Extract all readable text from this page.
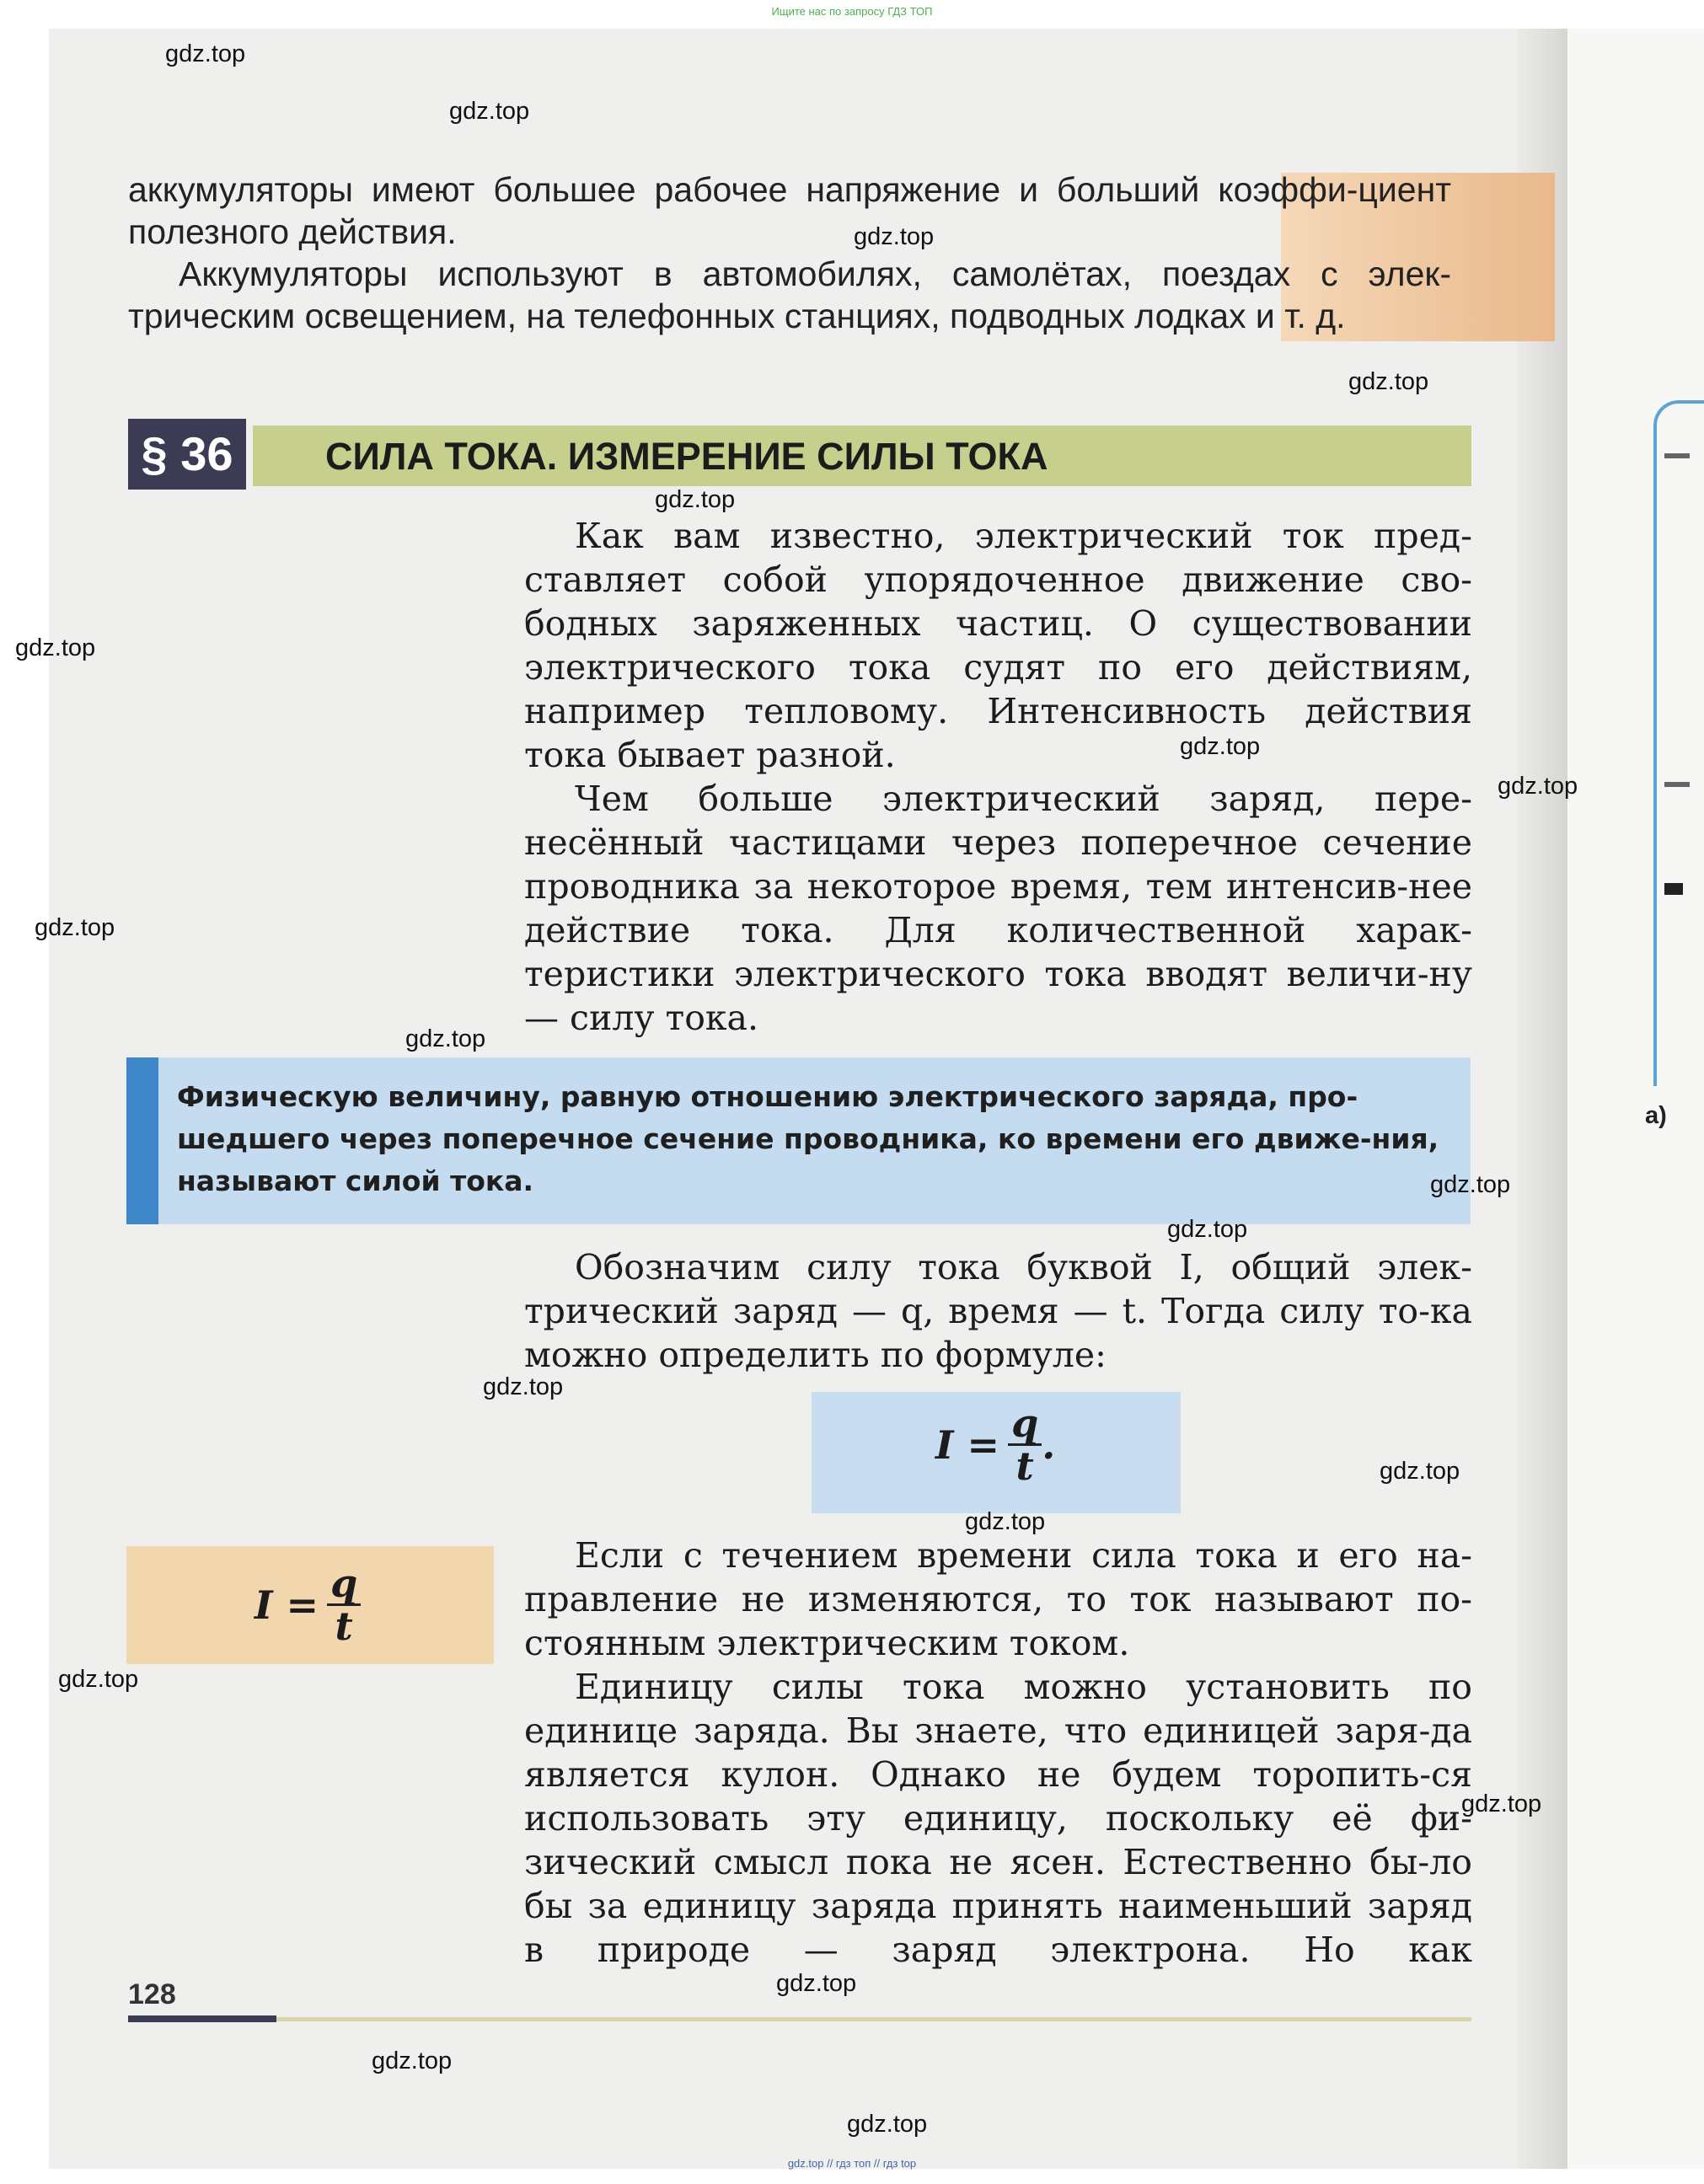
Ищите нас по запросу ГДЗ ТОП
а)

аккумуляторы имеют большее рабочее напряжение и больший коэффи-циент полезного действия.

Аккумуляторы используют в автомобилях, самолётах, поездах с элек-трическим освещением, на телефонных станциях, подводных лодках и т. д.

§ 36	СИЛА ТОКА. ИЗМЕРЕНИЕ СИЛЫ ТОКА

Как вам известно, электрический ток пред-ставляет собой упорядоченное движение сво-бодных заряженных частиц. О существовании электрического тока судят по его действиям, например тепловому. Интенсивность действия тока бывает разной.

Чем больше электрический заряд, пере-несённый частицами через поперечное сечение проводника за некоторое время, тем интенсив-нее действие тока. Для количественной харак-теристики электрического тока вводят величи-ну — силу тока.

Физическую величину, равную отношению электрического заряда, про-шедшего через поперечное сечение проводника, ко времени его движе-ния, называют силой тока.

Обозначим силу тока буквой I, общий элек-трический заряд — q, время — t. Тогда силу то-ка можно определить по формуле:

$I = \frac{q}{t}$ .
$I = \frac{q}{t}$

Если с течением времени сила тока и его на-правление не изменяются, то ток называют по-стоянным электрическим током.

Единицу силы тока можно установить по единице заряда. Вы знаете, что единицей заря-да является кулон. Однако не будем торопить-ся использовать эту единицу, поскольку её фи-зический смысл пока не ясен. Естественно бы-ло бы за единицу заряда принять наименьший заряд в природе — заряд электрона. Но как

128
gdz.top
gdz.top
gdz.top
gdz.top
gdz.top
gdz.top
gdz.top
gdz.top
gdz.top
gdz.top
gdz.top
gdz.top
gdz.top
gdz.top
gdz.top
gdz.top
gdz.top
gdz.top
gdz.top
gdz.top
gdz.top // гдз топ // гдз top
